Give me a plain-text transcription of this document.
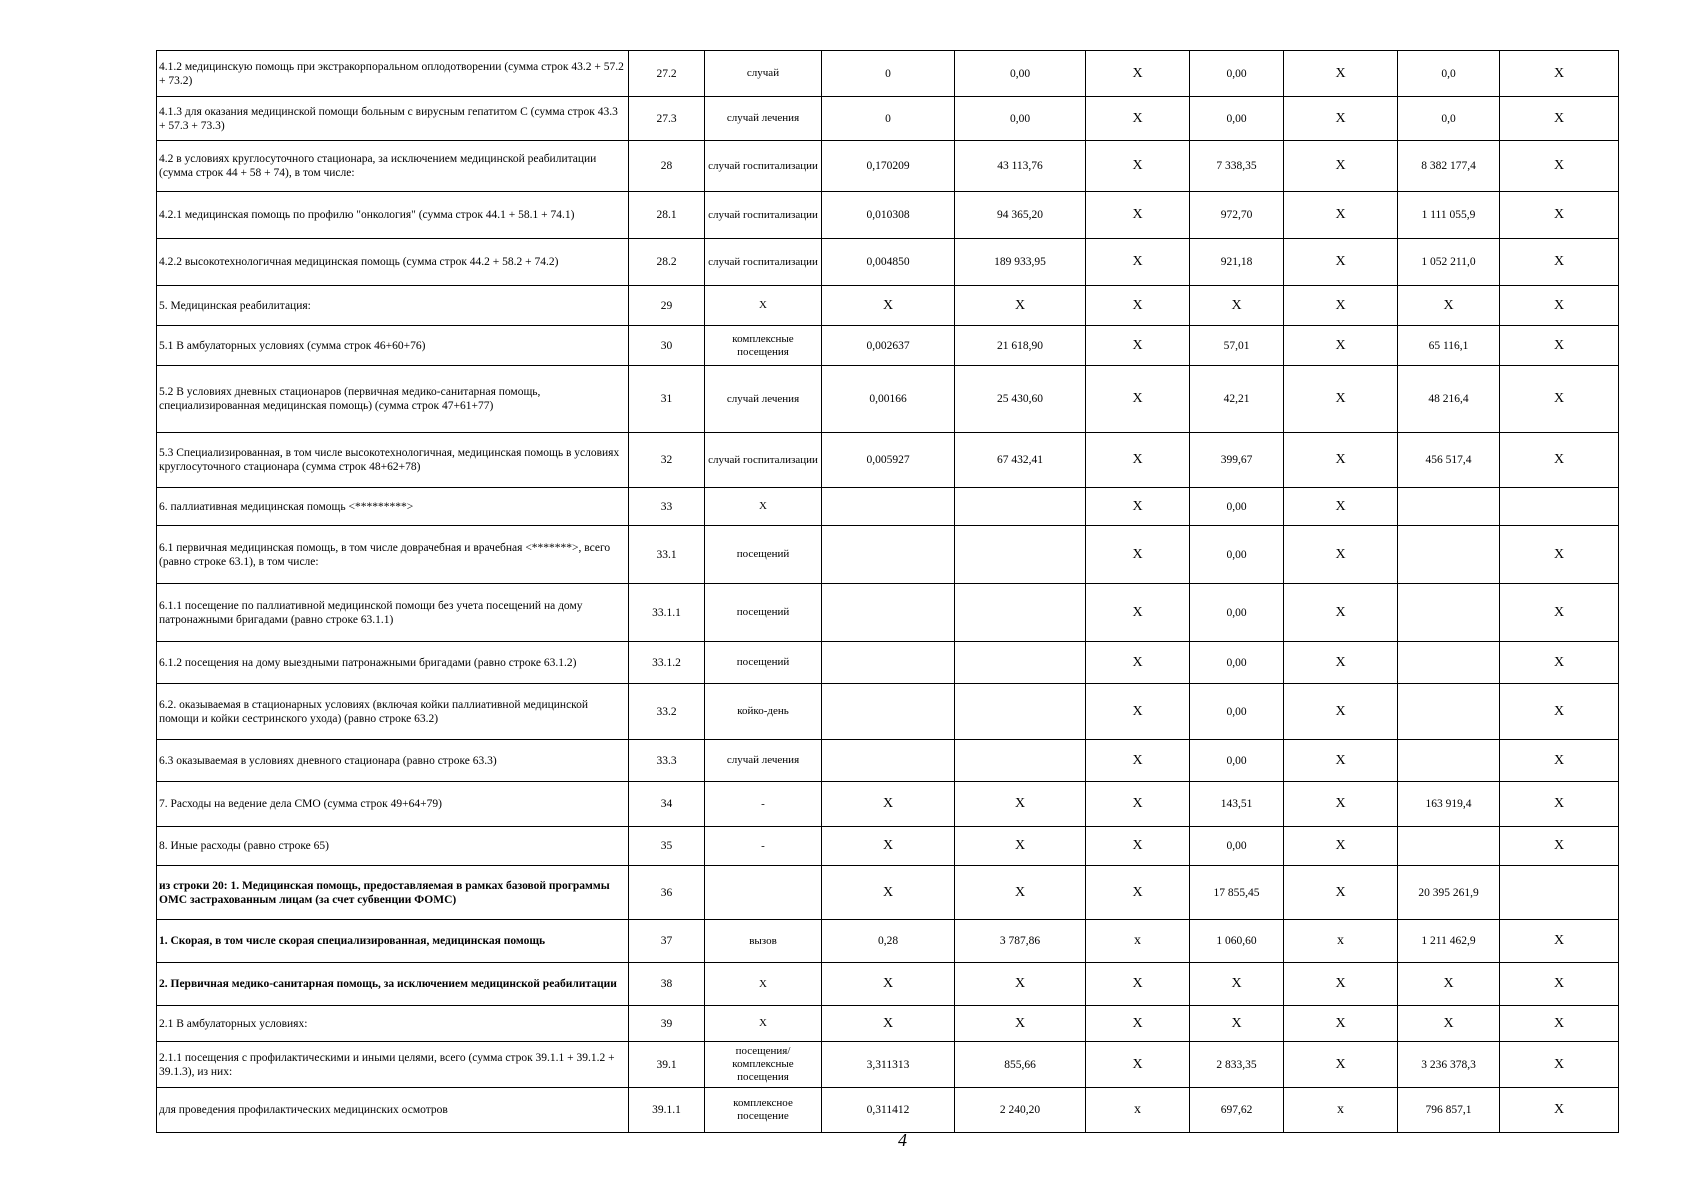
4.1.2 медицинскую помощь при экстракорпоральном оплодотворении (сумма строк 43.2 + 57.2 + 73.2)	27.2	случай	0	0,00	X	0,00	X	0,0	X
4.1.3 для оказания медицинской помощи больным с вирусным гепатитом С (сумма строк 43.3 + 57.3 + 73.3)	27.3	случай лечения	0	0,00	X	0,00	X	0,0	X
4.2 в условиях круглосуточного стационара, за исключением медицинской реабилитации (сумма строк 44 + 58 + 74), в том числе:	28	случай госпитализации	0,170209	43 113,76	X	7 338,35	X	8 382 177,4	X
4.2.1 медицинская помощь по профилю "онкология" (сумма строк 44.1 + 58.1 + 74.1)	28.1	случай госпитализации	0,010308	94 365,20	X	972,70	X	1 111 055,9	X
4.2.2 высокотехнологичная медицинская помощь (сумма строк 44.2 + 58.2 + 74.2)	28.2	случай госпитализации	0,004850	189 933,95	X	921,18	X	1 052 211,0	X
5. Медицинская реабилитация:	29	X	X	X	X	X	X	X	X
5.1 В амбулаторных условиях (сумма строк 46+60+76)	30	комплексные посещения	0,002637	21 618,90	X	57,01	X	65 116,1	X
5.2 В условиях дневных стационаров (первичная медико-санитарная помощь, специализированная медицинская помощь) (сумма строк 47+61+77)	31	случай лечения	0,00166	25 430,60	X	42,21	X	48 216,4	X
5.3 Специализированная, в том числе высокотехнологичная, медицинская помощь в условиях круглосуточного стационара (сумма строк 48+62+78)	32	случай госпитализации	0,005927	67 432,41	X	399,67	X	456 517,4	X
6. паллиативная медицинская помощь <*********>	33	X			X	0,00	X		
6.1 первичная медицинская помощь, в том числе доврачебная и врачебная <*******>, всего (равно строке 63.1), в том числе:	33.1	посещений			X	0,00	X		X
6.1.1 посещение по паллиативной медицинской помощи без учета посещений на дому патронажными бригадами (равно строке 63.1.1)	33.1.1	посещений			X	0,00	X		X
6.1.2 посещения на дому выездными патронажными бригадами (равно строке 63.1.2)	33.1.2	посещений			X	0,00	X		X
6.2. оказываемая в стационарных условиях (включая койки паллиативной медицинской помощи и койки сестринского ухода) (равно строке 63.2)	33.2	койко-день			X	0,00	X		X
6.3 оказываемая в условиях дневного стационара (равно строке 63.3)	33.3	случай лечения			X	0,00	X		X
7. Расходы на ведение дела СМО (сумма строк 49+64+79)	34	-	X	X	X	143,51	X	163 919,4	X
8. Иные расходы (равно строке 65)	35	-	X	X	X	0,00	X		X
из строки 20: 1. Медицинская помощь, предоставляемая в рамках базовой программы ОМС застрахованным лицам (за счет субвенции ФОМС)	36		X	X	X	17 855,45	X	20 395 261,9	
1. Скорая, в том числе скорая специализированная, медицинская помощь	37	вызов	0,28	3 787,86	x	1 060,60	x	1 211 462,9	X
2. Первичная медико-санитарная помощь, за исключением медицинской реабилитации	38	X	X	X	X	X	X	X	X
2.1 В амбулаторных условиях:	39	X	X	X	X	X	X	X	X
2.1.1 посещения с профилактическими и иными целями, всего (сумма строк 39.1.1 + 39.1.2 + 39.1.3), из них:	39.1	посещения/комплексные посещения	3,311313	855,66	X	2 833,35	X	3 236 378,3	X
для проведения профилактических медицинских осмотров	39.1.1	комплексное посещение	0,311412	2 240,20	x	697,62	x	796 857,1	X
4
